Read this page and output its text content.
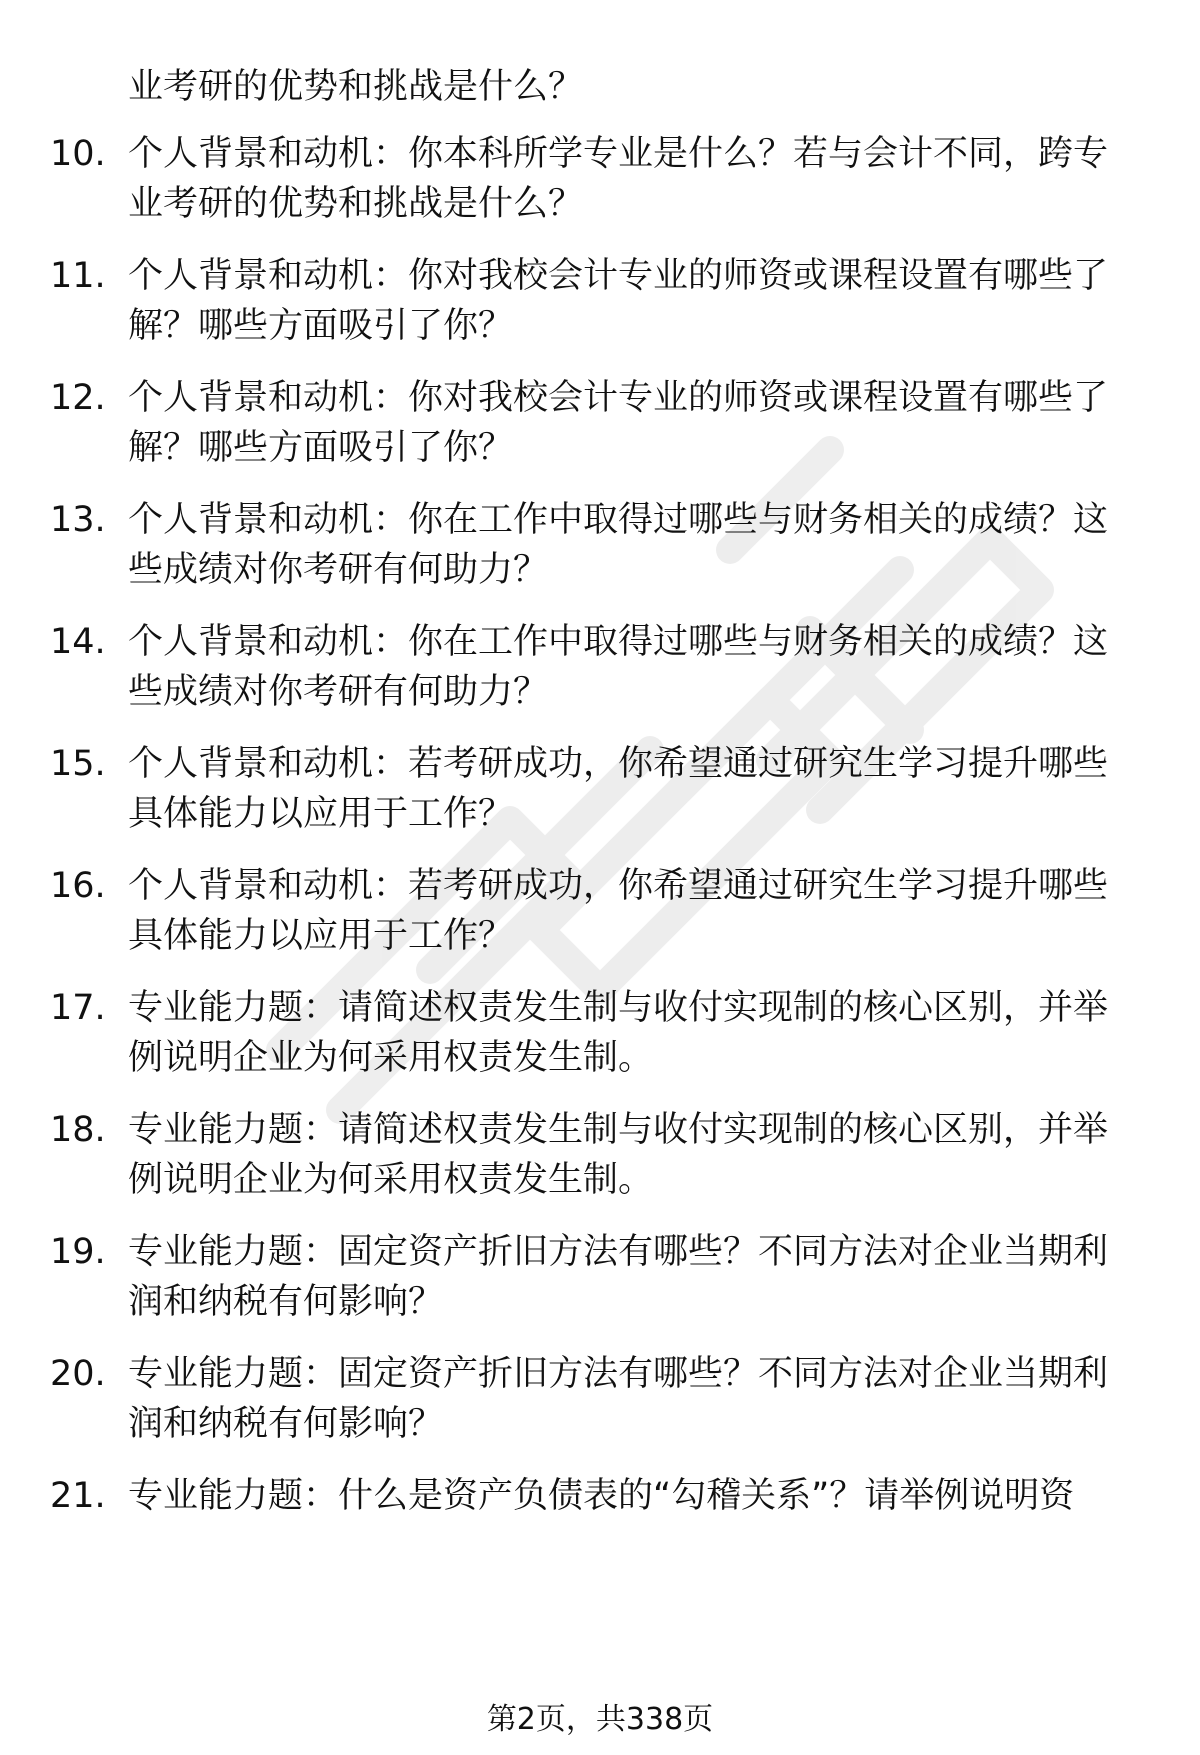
业考研的优势和挑战是什么？

10. 个人背景和动机：你本科所学专业是什么？若与会计不同，跨专业考研的优势和挑战是什么？

11. 个人背景和动机：你对我校会计专业的师资或课程设置有哪些了解？哪些方面吸引了你？

12. 个人背景和动机：你对我校会计专业的师资或课程设置有哪些了解？哪些方面吸引了你？

13. 个人背景和动机：你在工作中取得过哪些与财务相关的成绩？这些成绩对你考研有何助力？

14. 个人背景和动机：你在工作中取得过哪些与财务相关的成绩？这些成绩对你考研有何助力？

15. 个人背景和动机：若考研成功，你希望通过研究生学习提升哪些具体能力以应用于工作？

16. 个人背景和动机：若考研成功，你希望通过研究生学习提升哪些具体能力以应用于工作？

17. 专业能力题：请简述权责发生制与收付实现制的核心区别，并举例说明企业为何采用权责发生制。

18. 专业能力题：请简述权责发生制与收付实现制的核心区别，并举例说明企业为何采用权责发生制。

19. 专业能力题：固定资产折旧方法有哪些？不同方法对企业当期利润和纳税有何影响？

20. 专业能力题：固定资产折旧方法有哪些？不同方法对企业当期利润和纳税有何影响？

21. 专业能力题：什么是资产负债表的“勾稽关系”？请举例说明资

第2页，共338页
